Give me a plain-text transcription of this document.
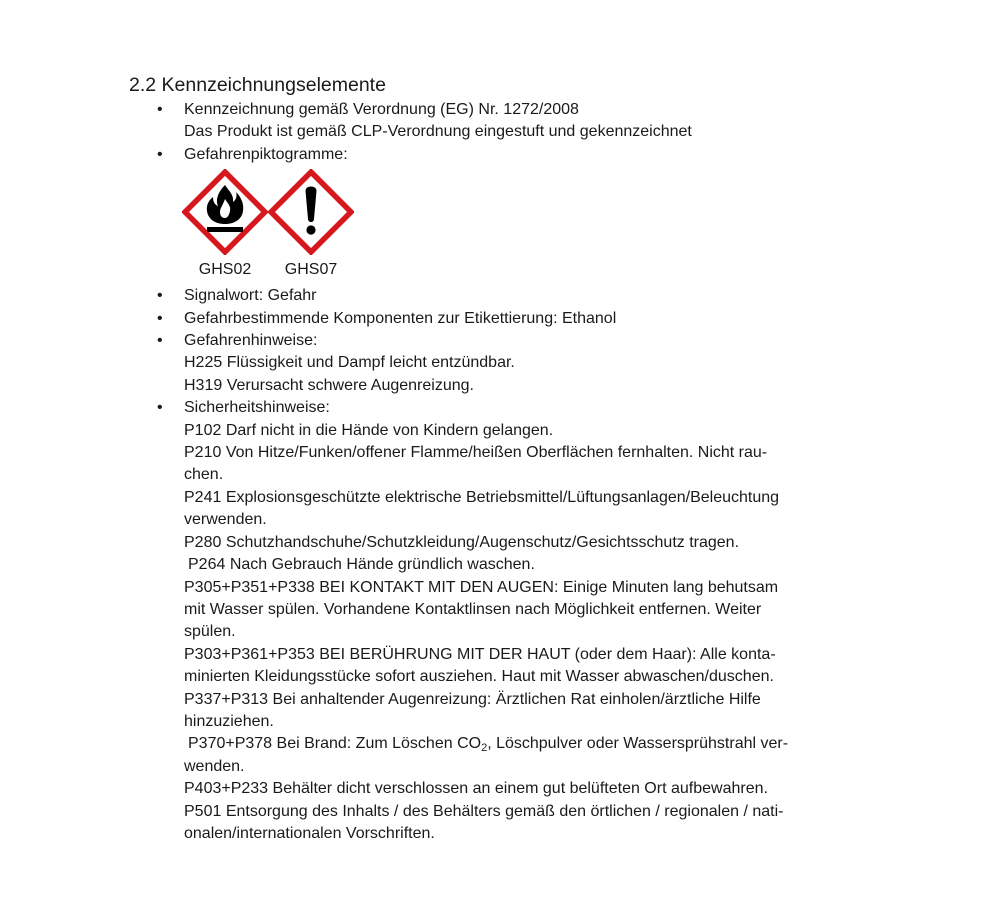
2.2 Kennzeichnungselemente
• Kennzeichnung gemäß Verordnung (EG) Nr. 1272/2008
Das Produkt ist gemäß CLP-Verordnung eingestuft und gekennzeichnet
• Gefahrenpiktogramme:
GHS02 GHS07
• Signalwort: Gefahr
• Gefahrbestimmende Komponenten zur Etikettierung: Ethanol
• Gefahrenhinweise:
H225 Flüssigkeit und Dampf leicht entzündbar.
H319 Verursacht schwere Augenreizung.
• Sicherheitshinweise:
P102 Darf nicht in die Hände von Kindern gelangen.
P210 Von Hitze/Funken/offener Flamme/heißen Oberflächen fernhalten. Nicht rau-
chen.
P241 Explosionsgeschützte elektrische Betriebsmittel/Lüftungsanlagen/Beleuchtung
verwenden.
P280 Schutzhandschuhe/Schutzkleidung/Augenschutz/Gesichtsschutz tragen.
P264 Nach Gebrauch Hände gründlich waschen.
P305+P351+P338 BEI KONTAKT MIT DEN AUGEN: Einige Minuten lang behutsam
mit Wasser spülen. Vorhandene Kontaktlinsen nach Möglichkeit entfernen. Weiter
spülen.
P303+P361+P353 BEI BERÜHRUNG MIT DER HAUT (oder dem Haar): Alle konta-
minierten Kleidungsstücke sofort ausziehen. Haut mit Wasser abwaschen/duschen.
P337+P313 Bei anhaltender Augenreizung: Ärztlichen Rat einholen/ärztliche Hilfe
hinzuziehen.
P370+P378 Bei Brand: Zum Löschen $CO_2$, Löschpulver oder Wassersprühstrahl ver-
wenden.
P403+P233 Behälter dicht verschlossen an einem gut belüfteten Ort aufbewahren.
P501 Entsorgung des Inhalts / des Behälters gemäß den örtlichen / regionalen / nati-
onalen/internationalen Vorschriften.
